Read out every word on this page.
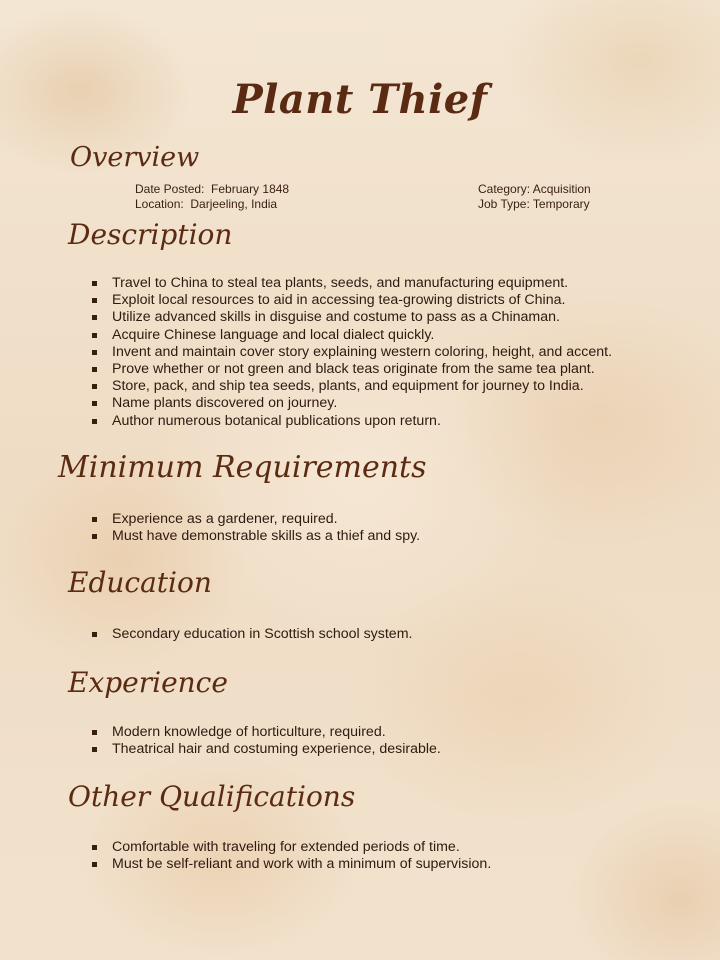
Plant Thief
Overview
Date Posted:  February 1848
Location:  Darjeeling, India
Category: Acquisition
Job Type: Temporary
Description
Travel to China to steal tea plants, seeds, and manufacturing equipment.
Exploit local resources to aid in accessing tea-growing districts of China.
Utilize advanced skills in disguise and costume to pass as a Chinaman.
Acquire Chinese language and local dialect quickly.
Invent and maintain cover story explaining western coloring, height, and accent.
Prove whether or not green and black teas originate from the same tea plant.
Store, pack, and ship tea seeds, plants, and equipment for journey to India.
Name plants discovered on journey.
Author numerous botanical publications upon return.
Minimum Requirements
Experience as a gardener, required.
Must have demonstrable skills as a thief and spy.
Education
Secondary education in Scottish school system.
Experience
Modern knowledge of horticulture, required.
Theatrical hair and costuming experience, desirable.
Other Qualifications
Comfortable with traveling for extended periods of time.
Must be self-reliant and work with a minimum of supervision.
